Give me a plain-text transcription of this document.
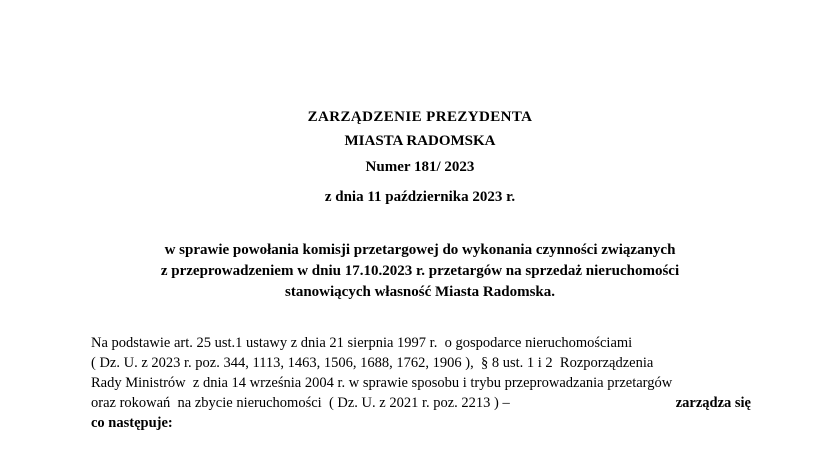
ZARZĄDZENIE PREZYDENTA
MIASTA RADOMSKA
Numer 181/ 2023
z dnia 11 października 2023 r.
w sprawie powołania komisji przetargowej do wykonania czynności związanych
z przeprowadzeniem w dniu 17.10.2023 r. przetargów na sprzedaż nieruchomości
stanowiących własność Miasta Radomska.
Na podstawie art. 25 ust.1 ustawy z dnia 21 sierpnia 1997 r.  o gospodarce nieruchomościami
( Dz. U. z 2023 r. poz. 344, 1113, 1463, 1506, 1688, 1762, 1906 ),  § 8 ust. 1 i 2  Rozporządzenia
Rady Ministrów  z dnia 14 września 2004 r. w sprawie sposobu i trybu przeprowadzania przetargów
oraz rokowań  na zbycie nieruchomości  ( Dz. U. z 2021 r. poz. 2213 ) –	zarządza się
co następuje:
